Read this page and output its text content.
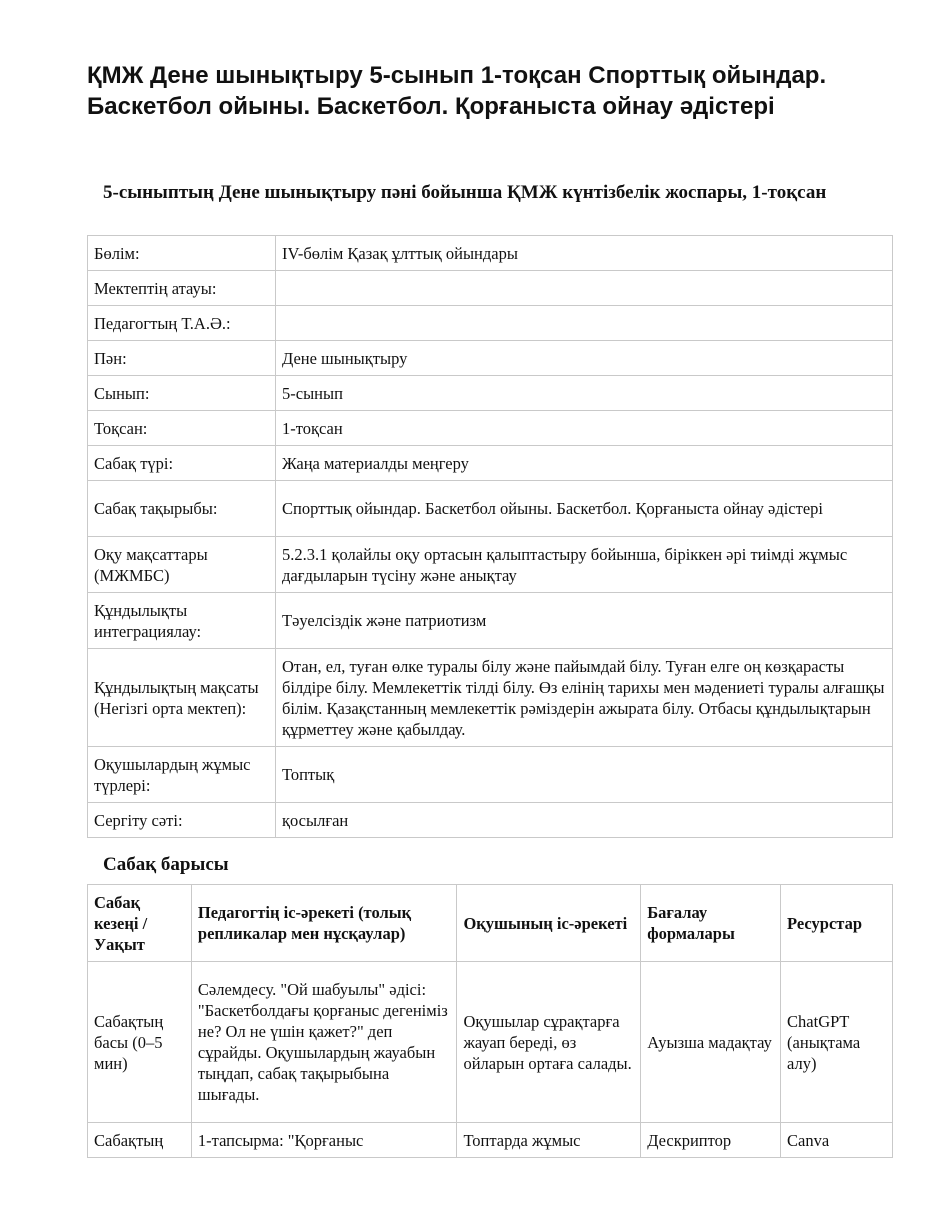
ҚМЖ Дене шынықтыру 5-сынып 1-тоқсан Спорттық ойындар. Баскетбол ойыны. Баскетбол. Қорғаныста ойнау әдістері
5-сыныптың Дене шынықтыру пәні бойынша ҚМЖ күнтізбелік жоспары, 1-тоқсан
Бөлім:	IV-бөлім Қазақ ұлттық ойындары
Мектептің атауы:	
Педагогтың Т.А.Ә.:	
Пән:	Дене шынықтыру
Сынып:	5-сынып
Тоқсан:	1-тоқсан
Сабақ түрі:	Жаңа материалды меңгеру
Сабақ тақырыбы:	Спорттық ойындар. Баскетбол ойыны. Баскетбол. Қорғаныста ойнау әдістері
Оқу мақсаттары (МЖМБС)	5.2.3.1 қолайлы оқу ортасын қалыптастыру бойынша, біріккен әрі тиімді жұмыс дағдыларын түсіну және анықтау
Құндылықты интеграциялау:	Тәуелсіздік және патриотизм
Құндылықтың мақсаты (Негізгі орта мектеп):	Отан, ел, туған өлке туралы білу және пайымдай білу. Туған елге оң көзқарасты білдіре білу. Мемлекеттік тілді білу. Өз елінің тарихы мен мәдениеті туралы алғашқы білім. Қазақстанның мемлекеттік рәміздерін ажырата білу. Отбасы құндылықтарын құрметтеу және қабылдау.
Оқушылардың жұмыс түрлері:	Топтық
Сергіту сәті:	қосылған
Сабақ барысы
Сабақ кезеңі / Уақыт	Педагогтің іс-әрекеті (толық репликалар мен нұсқаулар)	Оқушының іс-әрекеті	Бағалау формалары	Ресурстар
Сабақтың басы (0–5 мин)	Сәлемдесу. "Ой шабуылы" әдісі: "Баскетболдағы қорғаныс дегеніміз не? Ол не үшін қажет?" деп сұрайды. Оқушылардың жауабын тыңдап, сабақ тақырыбына шығады.	Оқушылар сұрақтарға жауап береді, өз ойларын ортаға салады.	Ауызша мадақтау	ChatGPT (анықтама алу)
Сабақтың	1-тапсырма: "Қорғаныс	Топтарда жұмыс	Дескриптор	Canva
